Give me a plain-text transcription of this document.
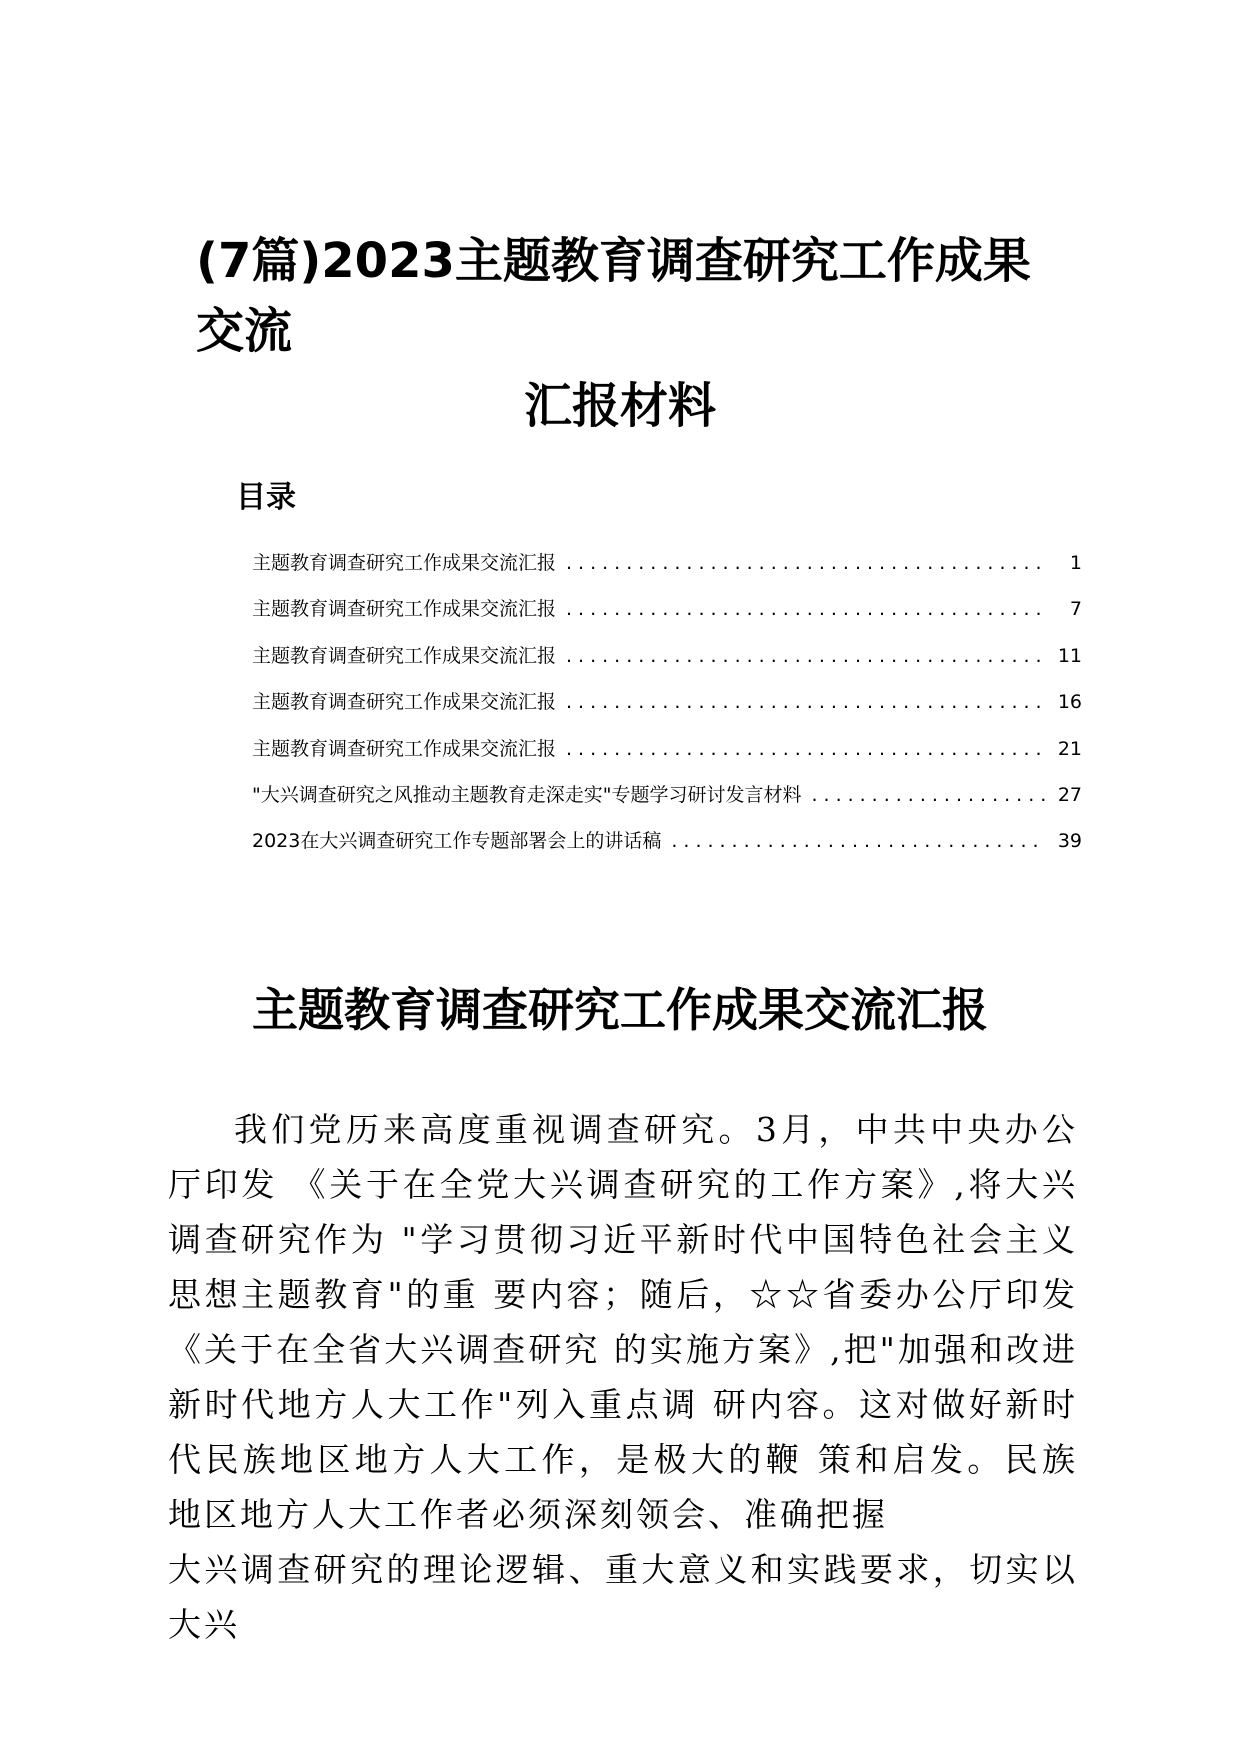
(7篇)2023主题教育调查研究工作成果交流
汇报材料
目录
主题教育调查研究工作成果交流汇报 .....	1
主题教育调查研究工作成果交流汇报 .....	7
主题教育调查研究工作成果交流汇报 .....	11
主题教育调查研究工作成果交流汇报 .....	16
主题教育调查研究工作成果交流汇报 .....	21
"大兴调查研究之风推动主题教育走深走实"专题学习研讨发言材料 .....	27
2023在大兴调查研究工作专题部署会上的讲话稿 .....	39
主题教育调查研究工作成果交流汇报

我们党历来高度重视调查研究。3月，中共中央办公厅印发 《关于在全党大兴调查研究的工作方案》,将大兴调查研究作为 "学习贯彻习近平新时代中国特色社会主义思想主题教育"的重 要内容；随后，☆☆省委办公厅印发《关于在全省大兴调查研究 的实施方案》,把"加强和改进新时代地方人大工作"列入重点调 研内容。这对做好新时代民族地区地方人大工作，是极大的鞭 策和启发。民族地区地方人大工作者必须深刻领会、准确把握

大兴调查研究的理论逻辑、重大意义和实践要求，切实以大兴
